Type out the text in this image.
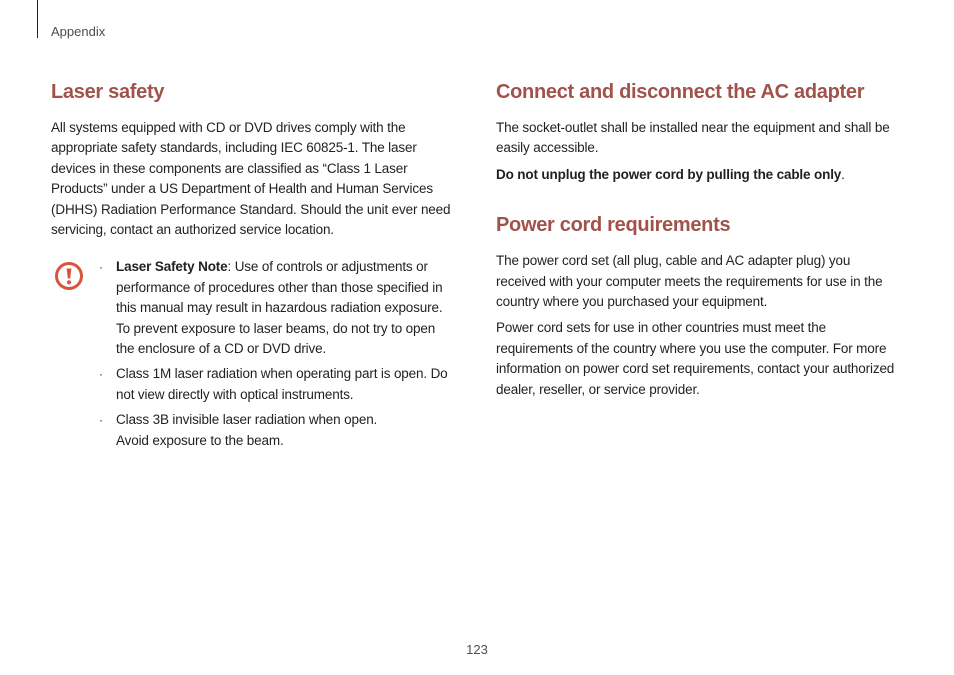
Appendix
Laser safety

All systems equipped with CD or DVD drives comply with the appropriate safety standards, including IEC 60825-1. The laser devices in these components are classified as “Class 1 Laser Products” under a US Department of Health and Human Services (DHHS) Radiation Performance Standard. Should the unit ever need servicing, contact an authorized service location.

· Laser Safety Note: Use of controls or adjustments or performance of procedures other than those specified in this manual may result in hazardous radiation exposure. To prevent exposure to laser beams, do not try to open the enclosure of a CD or DVD drive.
· Class 1M laser radiation when operating part is open. Do not view directly with optical instruments.
· Class 3B invisible laser radiation when open.
Avoid exposure to the beam.
Connect and disconnect the AC adapter

The socket-outlet shall be installed near the equipment and shall be easily accessible.

Do not unplug the power cord by pulling the cable only.

Power cord requirements

The power cord set (all plug, cable and AC adapter plug) you received with your computer meets the requirements for use in the country where you purchased your equipment.

Power cord sets for use in other countries must meet the requirements of the country where you use the computer. For more information on power cord set requirements, contact your authorized dealer, reseller, or service provider.

123
